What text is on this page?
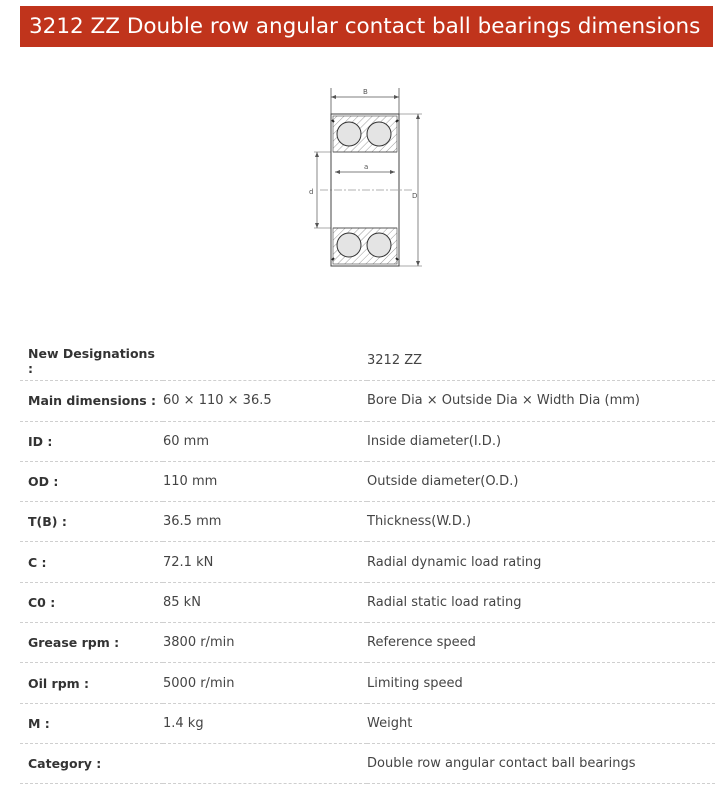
3212 ZZ Double row angular contact ball bearings dimensions
B
a
d	D
New Designations :		3212 ZZ
Main dimensions :	60 × 110 × 36.5	Bore Dia × Outside Dia × Width Dia (mm)
ID :	60 mm	Inside diameter(I.D.)
OD :	110 mm	Outside diameter(O.D.)
T(B) :	36.5 mm	Thickness(W.D.)
C :	72.1 kN	Radial dynamic load rating
C0 :	85 kN	Radial static load rating
Grease rpm :	3800 r/min	Reference speed
Oil rpm :	5000 r/min	Limiting speed
M :	1.4 kg	Weight
Category :		Double row angular contact ball bearings
